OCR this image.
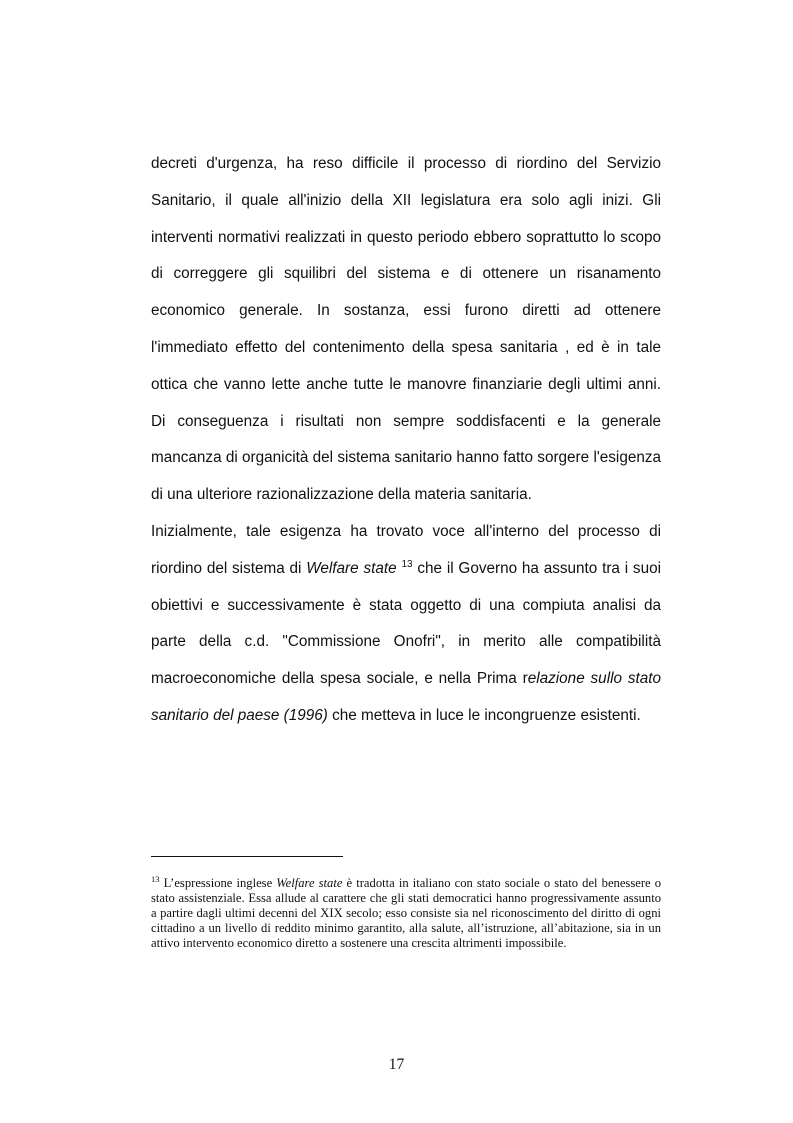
decreti d'urgenza, ha reso difficile il processo di riordino del Servizio Sanitario, il quale all'inizio della XII legislatura era solo agli inizi. Gli interventi normativi realizzati in questo periodo ebbero soprattutto lo scopo di correggere gli squilibri del sistema e di ottenere un risanamento economico generale. In sostanza, essi furono diretti ad ottenere l'immediato effetto del contenimento della spesa sanitaria , ed è in tale ottica che vanno lette anche tutte le manovre finanziarie degli ultimi anni. Di conseguenza i risultati non sempre soddisfacenti e la generale mancanza di organicità del sistema sanitario hanno fatto sorgere l'esigenza di una ulteriore razionalizzazione della materia sanitaria.

Inizialmente, tale esigenza ha trovato voce all'interno del processo di riordino del sistema di Welfare state $^{13}$ che il Governo ha assunto tra i suoi obiettivi e successivamente è stata oggetto di una compiuta analisi da parte della c.d. "Commissione Onofri", in merito alle compatibilità macroeconomiche della spesa sociale, e nella Prima relazione sullo stato sanitario del paese (1996) che metteva in luce le incongruenze esistenti.

$^{13}$ L’espressione inglese Welfare state è tradotta in italiano con stato sociale o stato del benessere o stato assistenziale. Essa allude al carattere che gli stati democratici hanno progressivamente assunto a partire dagli ultimi decenni del XIX secolo; esso consiste sia nel riconoscimento del diritto di ogni cittadino a un livello di reddito minimo garantito, alla salute, all’istruzione, all’abitazione, sia in un attivo intervento economico diretto a sostenere una crescita altrimenti impossibile.
17
